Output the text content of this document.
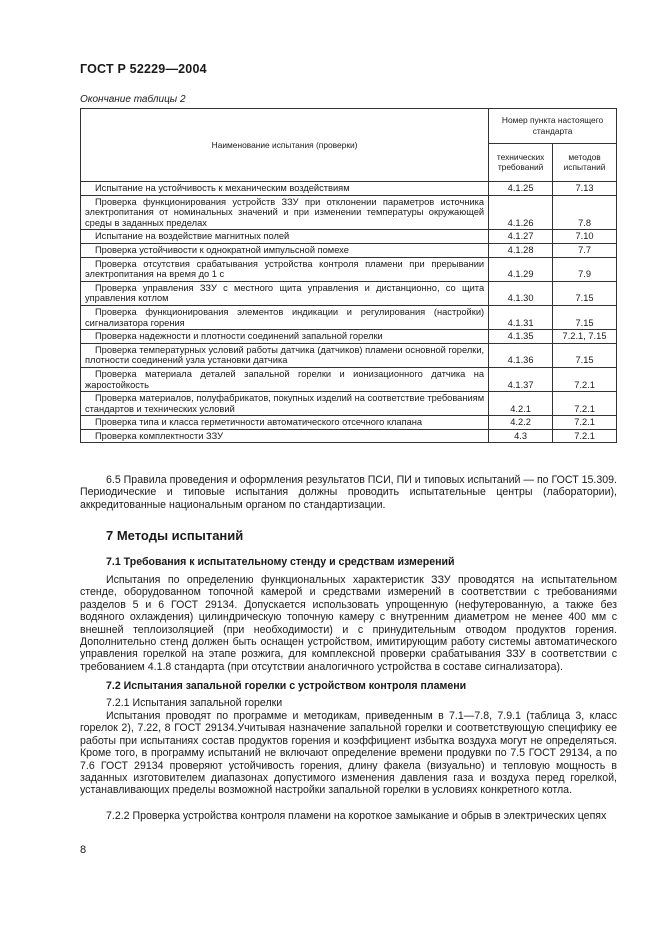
ГОСТ Р 52229—2004
Окончание таблицы 2
Наименование испытания (проверки)	Номер пункта настоящего стандарта	
	технических требований	методов испытаний
Испытание на устойчивость к механическим воздействиям	4.1.25	7.13
Проверка функционирования устройств ЗЗУ при отклонении параметров источника электропитания от номинальных значений и при изменении температуры окружающей среды в заданных пределах	4.1.26	7.8
Испытание на воздействие магнитных полей	4.1.27	7.10
Проверка устойчивости к однократной импульсной помехе	4.1.28	7.7
Проверка отсутствия срабатывания устройства контроля пламени при прерывании электропитания на время до 1 с	4.1.29	7.9
Проверка управления ЗЗУ с местного щита управления и дистанционно, со щита управления котлом	4.1.30	7.15
Проверка функционирования элементов индикации и регулирования (настройки) сигнализатора горения	4.1.31	7.15
Проверка надежности и плотности соединений запальной горелки	4.1.35	7.2.1, 7.15
Проверка температурных условий работы датчика (датчиков) пламени основной горелки, плотности соединений узла установки датчика	4.1.36	7.15
Проверка материала деталей запальной горелки и ионизационного датчика на жаростойкость	4.1.37	7.2.1
Проверка материалов, полуфабрикатов, покупных изделий на соответствие требованиям стандартов и технических условий	4.2.1	7.2.1
Проверка типа и класса герметичности автоматического отсечного клапана	4.2.2	7.2.1
Проверка комплектности ЗЗУ	4.3	7.2.1
6.5 Правила проведения и оформления результатов ПСИ, ПИ и типовых испытаний — по ГОСТ 15.309. Периодические и типовые испытания должны проводить испытательные центры (лаборатории), аккредитованные национальным органом по стандартизации.
7 Методы испытаний
7.1 Требования к испытательному стенду и средствам измерений
Испытания по определению функциональных характеристик ЗЗУ проводятся на испытательном стенде, оборудованном топочной камерой и средствами измерений в соответствии с требованиями разделов 5 и 6 ГОСТ 29134. Допускается использовать упрощенную (нефутерованную, а также без водяного охлаждения) цилиндрическую топочную камеру с внутренним диаметром не менее 400 мм с внешней теплоизоляцией (при необходимости) и с принудительным отводом продуктов горения. Дополнительно стенд должен быть оснащен устройством, имитирующим работу системы автоматического управления горелкой на этапе розжига, для комплексной проверки срабатывания ЗЗУ в соответствии с требованием 4.1.8 стандарта (при отсутствии аналогичного устройства в составе сигнализатора).
7.2 Испытания запальной горелки с устройством контроля пламени
7.2.1 Испытания запальной горелки
Испытания проводят по программе и методикам, приведенным в 7.1—7.8, 7.9.1 (таблица 3, класс горелок 2), 7.22, 8 ГОСТ 29134.Учитывая назначение запальной горелки и соответствующую специфику ее работы при испытаниях состав продуктов горения и коэффициент избытка воздуха могут не определяться. Кроме того, в программу испытаний не включают определение времени продувки по 7.5 ГОСТ 29134, а по 7.6 ГОСТ 29134 проверяют устойчивость горения, длину факела (визуально) и тепловую мощность в заданных изготовителем диапазонах допустимого изменения давления газа и воздуха перед горелкой, устанавливающих пределы возможной настройки запальной горелки в условиях конкретного котла.
7.2.2 Проверка устройства контроля пламени на короткое замыкание и обрыв в электрических цепях
8
